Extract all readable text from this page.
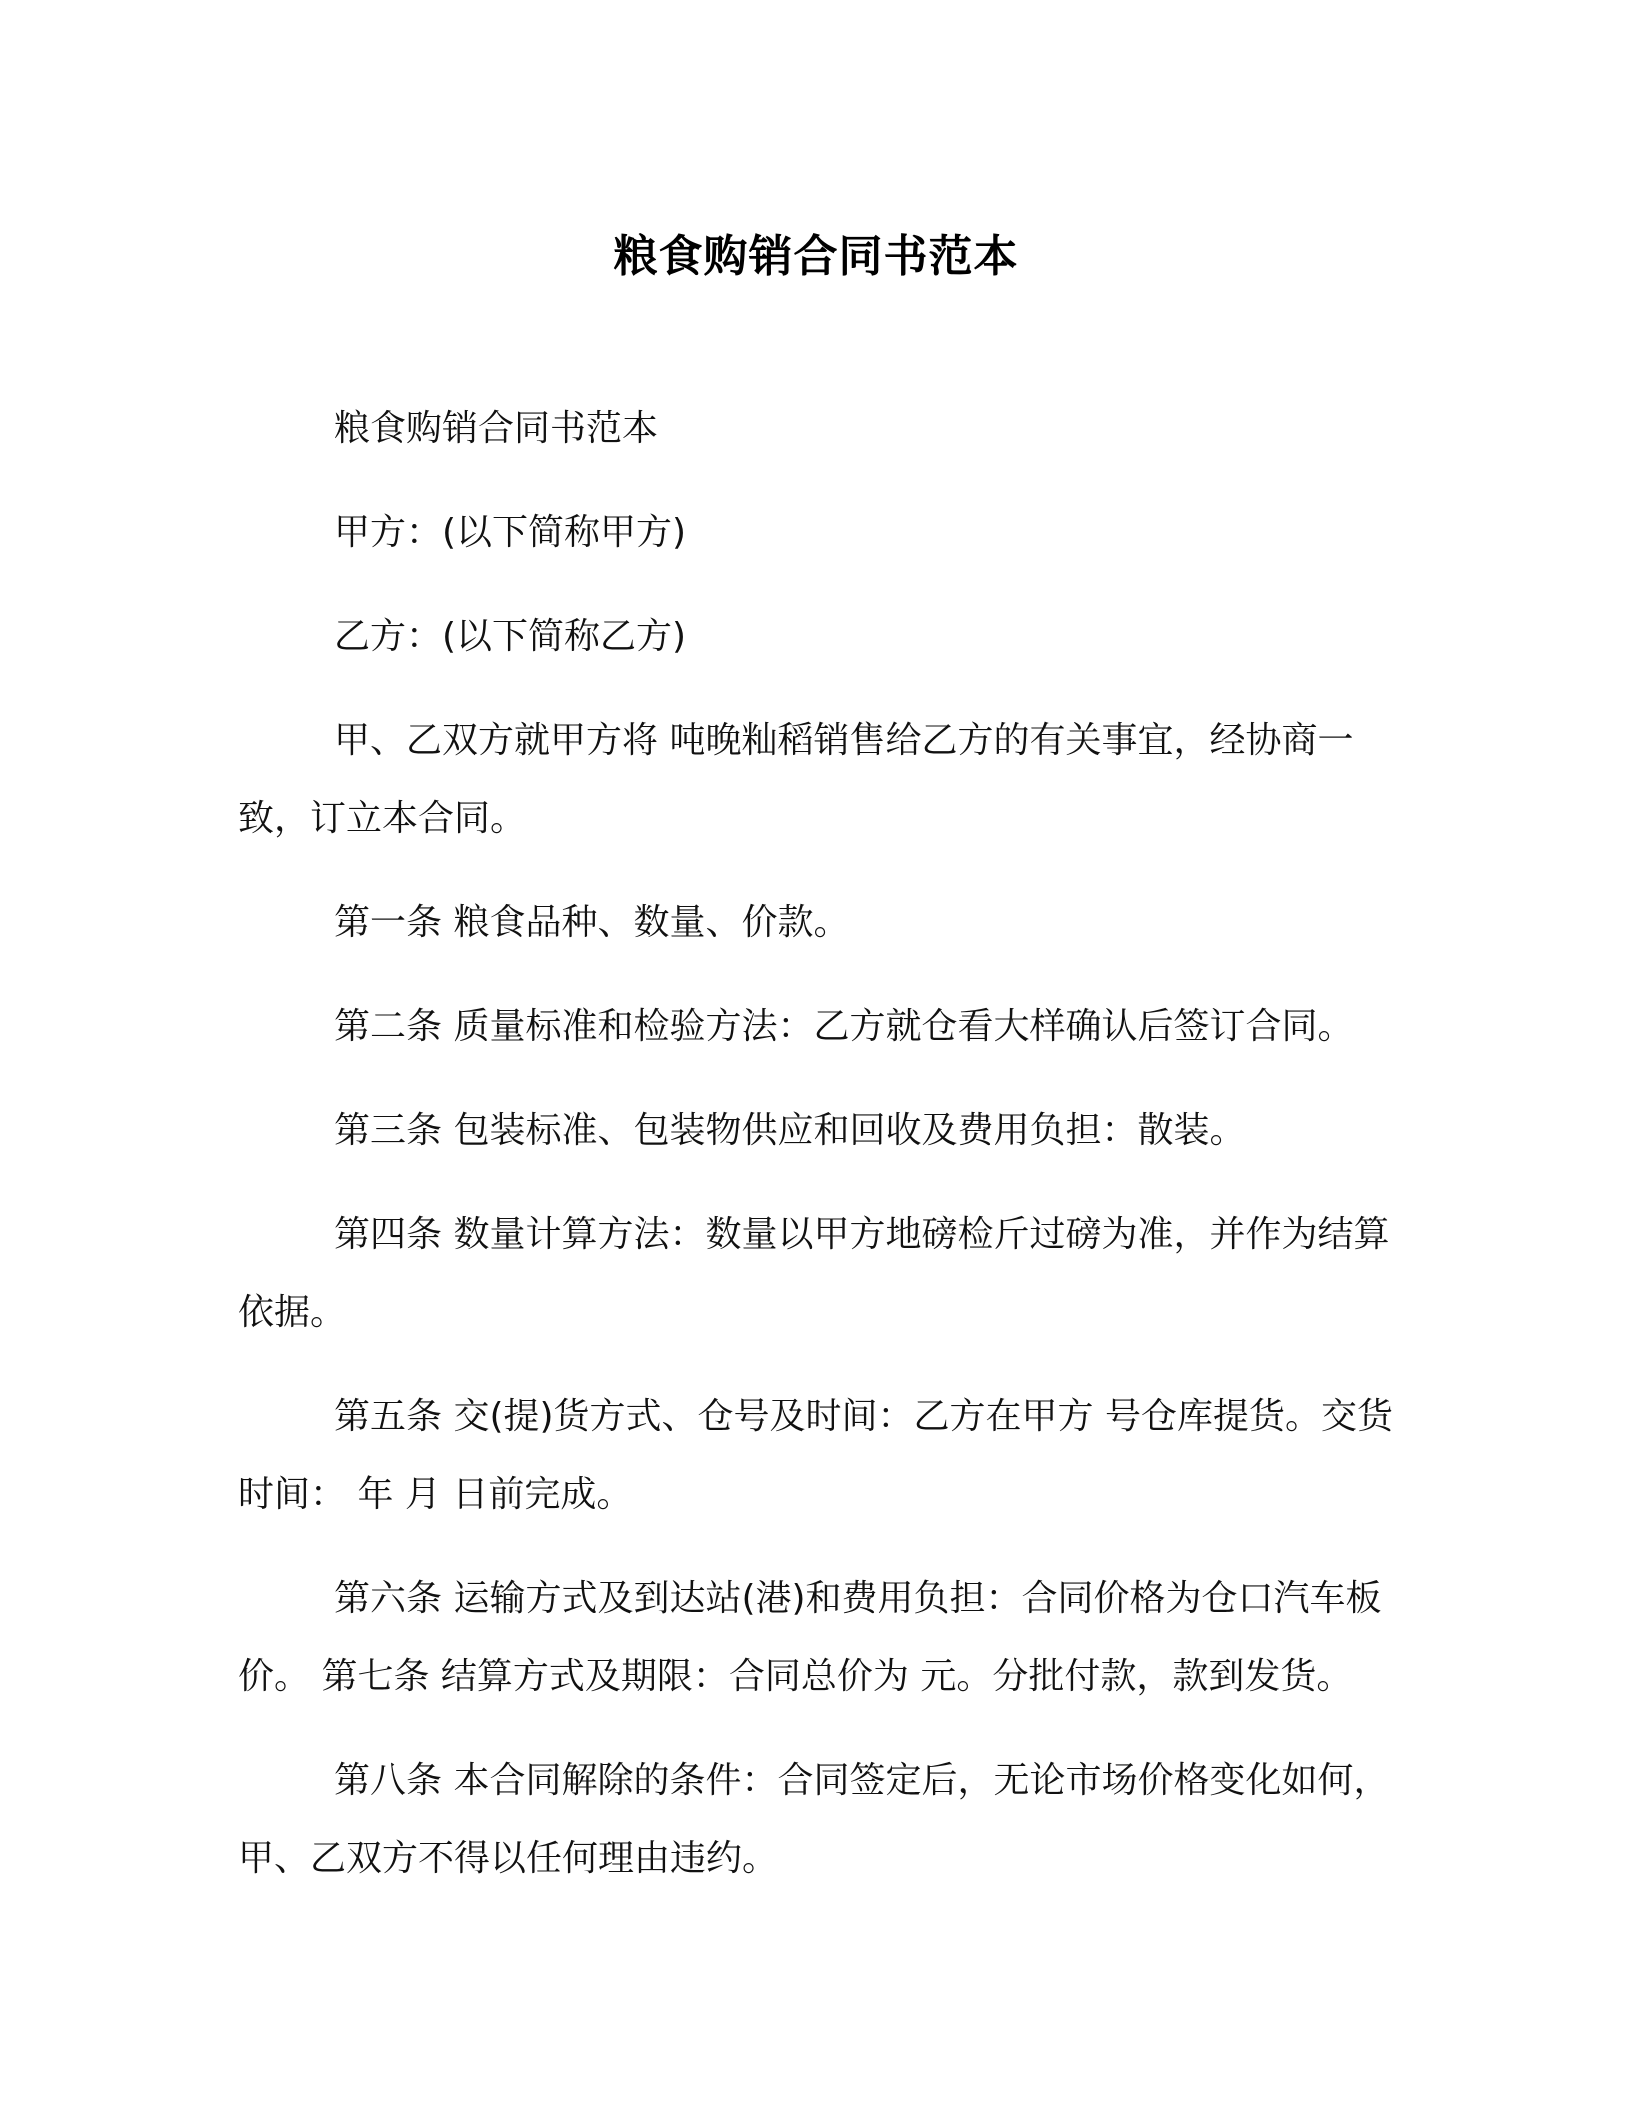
粮食购销合同书范本

粮食购销合同书范本

甲方：(以下简称甲方)

乙方：(以下简称乙方)

甲、乙双方就甲方将 吨晚籼稻销售给乙方的有关事宜，经协商一致，订立本合同。

第一条 粮食品种、数量、价款。

第二条 质量标准和检验方法：乙方就仓看大样确认后签订合同。

第三条 包装标准、包装物供应和回收及费用负担：散装。

第四条 数量计算方法：数量以甲方地磅检斤过磅为准，并作为结算依据。

第五条 交(提)货方式、仓号及时间：乙方在甲方 号仓库提货。交货时间： 年 月 日前完成。

第六条 运输方式及到达站(港)和费用负担：合同价格为仓口汽车板价。 第七条 结算方式及期限：合同总价为 元。分批付款，款到发货。

第八条 本合同解除的条件：合同签定后，无论市场价格变化如何，甲、乙双方不得以任何理由违约。
